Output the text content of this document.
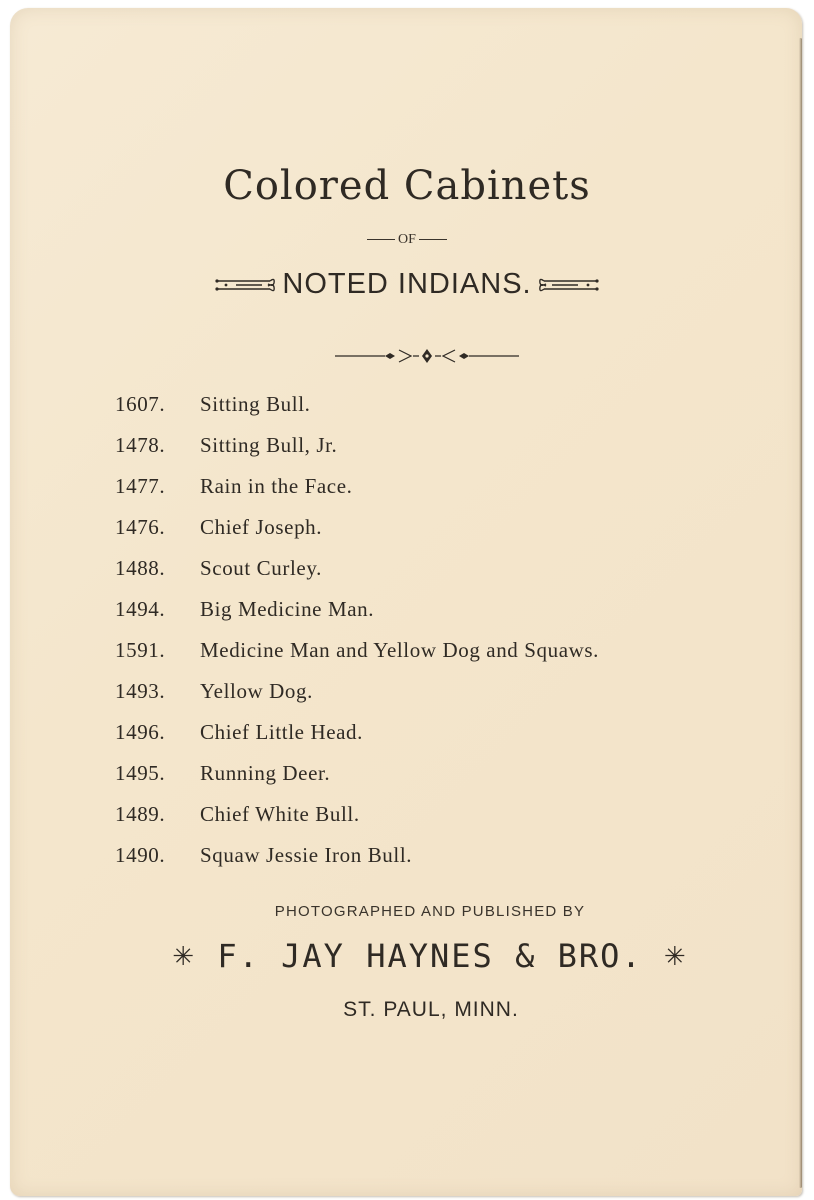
Colored Cabinets
OF
NOTED INDIANS.
1607. Sitting Bull.
1478. Sitting Bull, Jr.
1477. Rain in the Face.
1476. Chief Joseph.
1488. Scout Curley.
1494. Big Medicine Man.
1591. Medicine Man and Yellow Dog and Squaws.
1493. Yellow Dog.
1496. Chief Little Head.
1495. Running Deer.
1489. Chief White Bull.
1490. Squaw Jessie Iron Bull.
PHOTOGRAPHED AND PUBLISHED BY
✳ F. JAY HAYNES & BRO. ✳
ST. PAUL, MINN.
